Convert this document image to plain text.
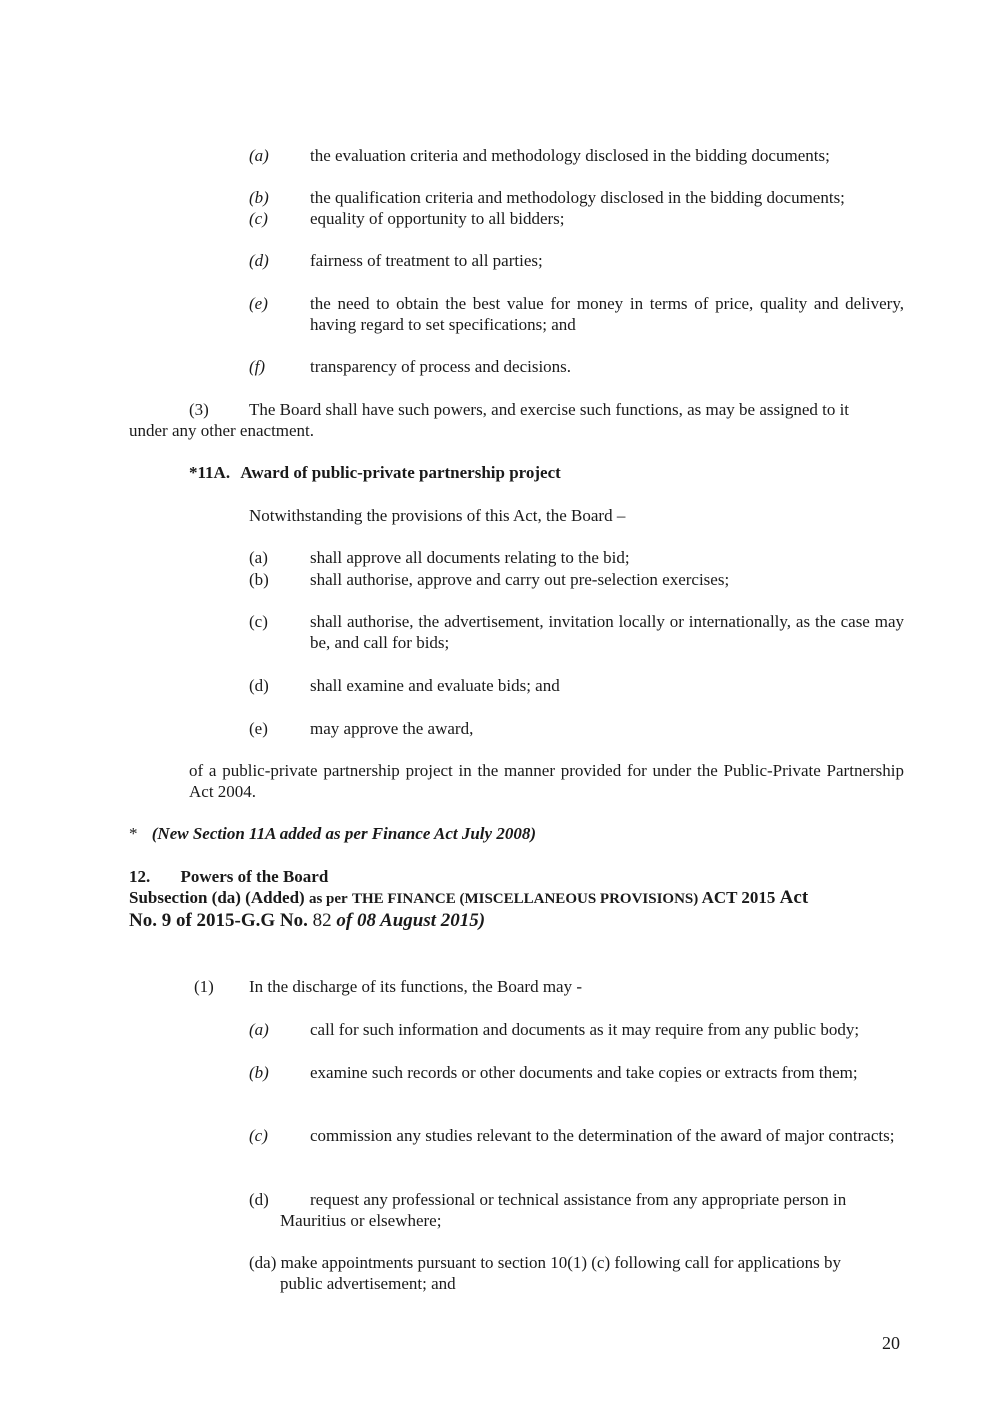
(a) the evaluation criteria and methodology disclosed in the bidding documents;
(b) the qualification criteria and methodology disclosed in the bidding documents;
(c) equality of opportunity to all bidders;
(d) fairness of treatment to all parties;
(e) the need to obtain the best value for money in terms of price, quality and delivery, having regard to set specifications; and
(f)	transparency of process and decisions.
(3) The Board shall have such powers, and exercise such functions, as may be assigned to it
under any other enactment.
*11A. Award of public-private partnership project
Notwithstanding the provisions of this Act, the Board –
(a) shall approve all documents relating to the bid;
(b) shall authorise, approve and carry out pre-selection exercises;
(c) shall authorise, the advertisement, invitation locally or internationally, as the case may be, and call for bids;
(d) shall examine and evaluate bids; and
(e) may approve the award,
of a public-private partnership project in the manner provided for under the Public-Private Partnership Act 2004.
* (New Section 11A added as per Finance Act July 2008)
12. Powers of the Board
Subsection (da) (Added) as per THE FINANCE (MISCELLANEOUS PROVISIONS) ACT 2015 Act
No. 9 of 2015-G.G No. 82 of 08 August 2015)
(1) In the discharge of its functions, the Board may -
(a) call for such information and documents as it may require from any public body;
(b) examine such records or other documents and take copies or extracts from them;
(c) commission any studies relevant to the determination of the award of major contracts;
(d) request any professional or technical assistance from any appropriate person in
Mauritius or elsewhere;
(da) make appointments pursuant to section 10(1) (c) following call for applications by
public advertisement; and
20
